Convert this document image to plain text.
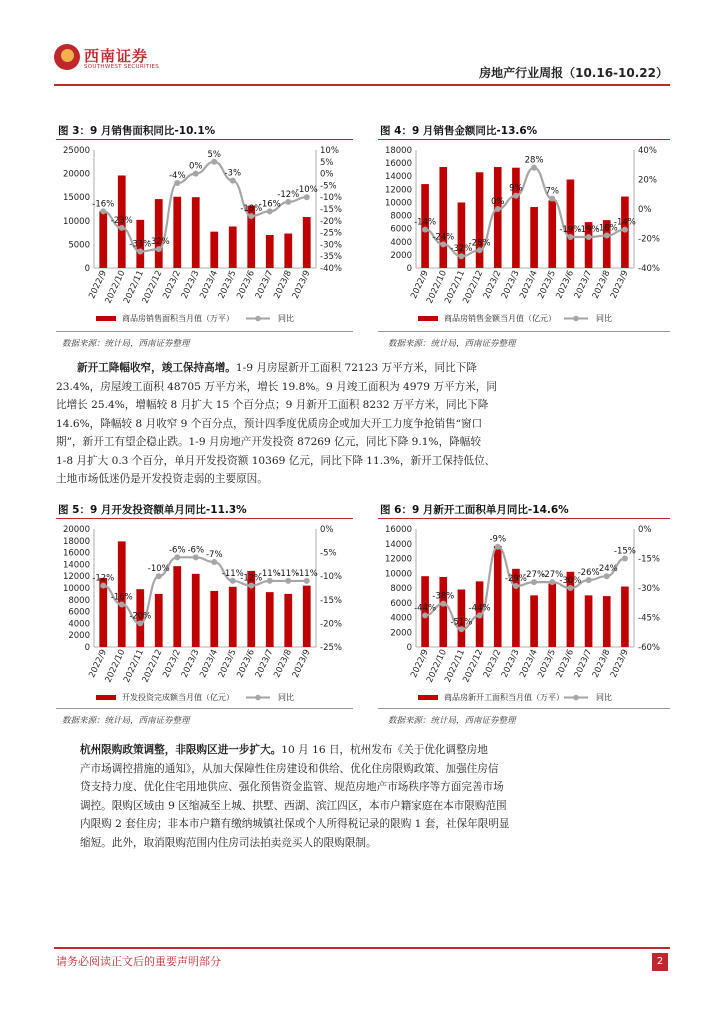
西南证券
SOUTHWEST SECURITIES	房地产行业周报（10.16-10.22）
图 3：9 月销售面积同比-10.1%
0
5000
10000
15000
20000
25000
-40%
-35%
-30%
-25%
-20%
-15%
-10%
-5%
0%
5%
10%
-16%
-23%
-33%
-32%
-4%
0%
5%
-3%
-18%
-16%
-12%
-10%
2022/9
2022/10
2022/11
2022/12
2023/2
2023/3
2023/4
2023/5
2023/6
2023/7
2023/8
2023/9
商品房销售面积当月值（万平）	同比
数据来源：统计局，西南证券整理
图 4：9 月销售金额同比-13.6%
0
2000
4000
6000
8000
10000
12000
14000
16000
18000
-40%
-20%
0%
20%
40%
-14%
-24%
-32%
-28%
0%
9%
28%
7%
-19%
-19%
-18%
-14%
2022/9
2022/10
2022/11
2022/12
2023/2
2023/3
2023/4
2023/5
2023/6
2023/7
2023/8
2023/9
商品房销售金额当月值（亿元）	同比
数据来源：统计局，西南证券整理
新开工降幅收窄，竣工保持高增。1-9 月房屋新开工面积 72123 万平方米，同比下降
23.4%，房屋竣工面积 48705 万平方米，增长 19.8%。9 月竣工面积为 4979 万平方米，同
比增长 25.4%，增幅较 8 月扩大 15 个百分点；9 月新开工面积 8232 万平方米，同比下降
14.6%，降幅较 8 月收窄 9 个百分点，预计四季度优质房企或加大开工力度争抢销售“窗口
期”，新开工有望企稳止跌。1-9 月房地产开发投资 87269 亿元，同比下降 9.1%，降幅较
1-8 月扩大 0.3 个百分，单月开发投资额 10369 亿元，同比下降 11.3%，新开工保持低位、
土地市场低迷仍是开发投资走弱的主要原因。
图 5：9 月开发投资额单月同比-11.3%
0
2000
4000
6000
8000
10000
12000
14000
16000
18000
20000
-25%
-20%
-15%
-10%
-5%
0%
-12%
-16%
-20%
-10%
-6% -6% -7%
-11%
-12%
-11%
-11%
-11%
2022/9
2022/10
2022/11
2022/12
2023/2
2023/3
2023/4
2023/5
2023/6
2023/7
2023/8
2023/9
开发投资完成额当月值（亿元）	同比
数据来源：统计局，西南证券整理
图 6：9 月新开工面积单月同比-14.6%
0
2000
4000
6000
8000
10000
12000
14000
16000
-60%
-45%
-30%
-15%
0%
-44%
-38%
-51%
-44%
-9%
-29%
-27%
-27%
-30%
-26%
-24%
-15%
2022/9
2022/10
2022/11
2022/12
2023/2
2023/3
2023/4
2023/5
2023/6
2023/7
2023/8
2023/9
商品房新开工面积当月值（万平）	同比
数据来源：统计局，西南证券整理
杭州限购政策调整，非限购区进一步扩大。10 月 16 日，杭州发布《关于优化调整房地
产市场调控措施的通知》，从加大保障性住房建设和供给、优化住房限购政策、加强住房信
贷支持力度、优化住宅用地供应、强化预售资金监管、规范房地产市场秩序等方面完善市场
调控。限购区域由 9 区缩减至上城、拱墅、西湖、滨江四区，本市户籍家庭在本市限购范围
内限购 2 套住房；非本市户籍有缴纳城镇社保或个人所得税记录的限购 1 套，社保年限明显
缩短。此外，取消限购范围内住房司法拍卖竞买人的限购限制。
请务必阅读正文后的重要声明部分	2
